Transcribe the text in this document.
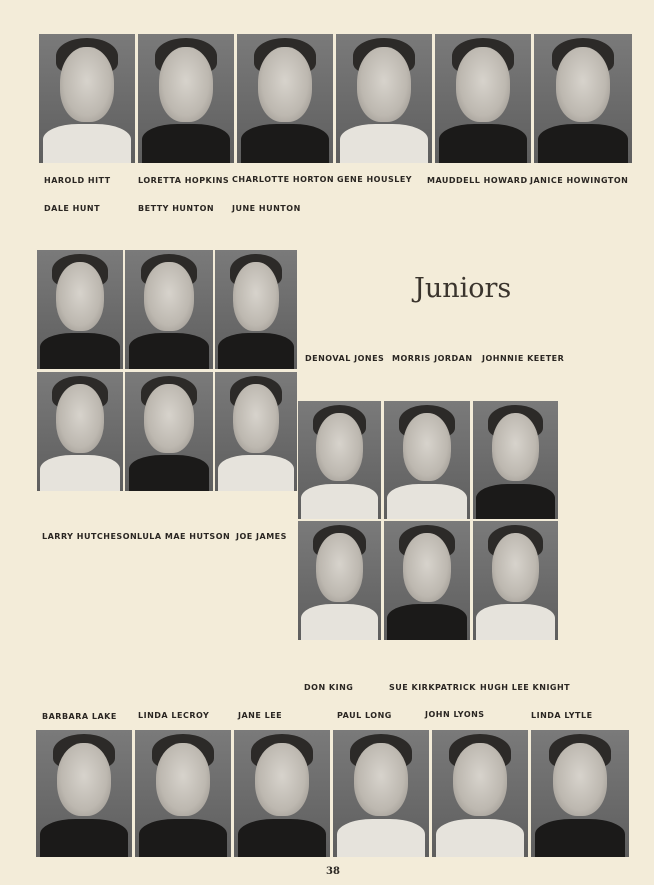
HAROLD HITT	LORETTA HOPKINS CHARLOTTE HORTON GENE HOUSLEY MAUDDELL HOWARD JANICE HOWINGTON
DALE HUNT	BETTY HUNTON JUNE HUNTON
Juniors
DENOVAL JONES MORRIS JORDAN JOHNNIE KEETER
LARRY HUTCHESON LULA MAE HUTSON JOE JAMES
DON KING	SUE KIRKPATRICK HUGH LEE KNIGHT
BARBARA LAKE	LINDA LECROY	JANE LEE	PAUL LONG	JOHN LYONS	LINDA LYTLE
38
